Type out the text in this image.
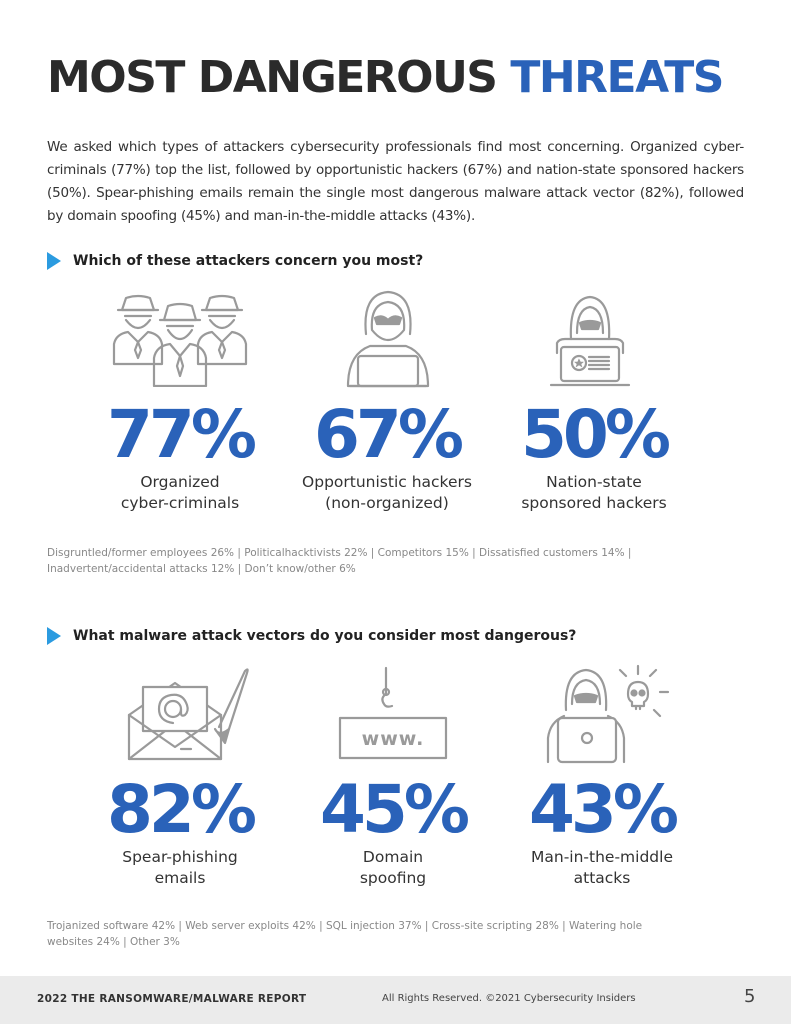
MOST DANGEROUS THREATS
We asked which types of attackers cybersecurity professionals find most concerning. Organized cyber-criminals (77%) top the list, followed by opportunistic hackers (67%) and nation-state sponsored hackers (50%). Spear-phishing emails remain the single most dangerous malware attack vector (82%), followed by domain spoofing (45%) and man-in-the-middle attacks (43%).
Which of these attackers concern you most?
77%
Organized
cyber-criminals
67%
Opportunistic hackers
(non-organized)
50%
Nation-state
sponsored hackers
Disgruntled/former employees 26% | Politicalhacktivists 22% | Competitors 15% | Dissatisfied customers 14% |
Inadvertent/accidental attacks 12% | Don’t know/other 6%
What malware attack vectors do you consider most dangerous?
www.
82%
Spear-phishing
emails
45%
Domain
spoofing
43%
Man-in-the-middle
attacks
Trojanized software 42% | Web server exploits 42% | SQL injection 37% | Cross-site scripting 28% | Watering hole
websites 24% | Other 3%
2022 THE RANSOMWARE/MALWARE REPORT	All Rights Reserved. ©2021 Cybersecurity Insiders	5
